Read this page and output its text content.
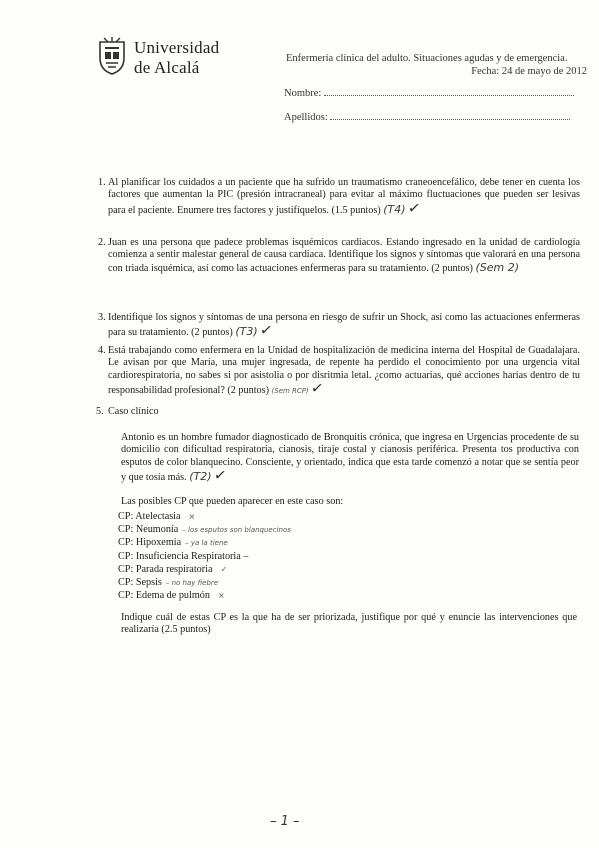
Universidad
de Alcalá	Enfermería clínica del adulto. Situaciones agudas y de emergencia.
Fecha: 24 de mayo de 2012
Nombre:
Apellidos:
1. Al planificar los cuidados a un paciente que ha sufrido un traumatismo craneoencefálico, debe tener en cuenta los factores que aumentan la PIC (presión intracraneal) para evitar al máximo fluctuaciones que pueden ser lesivas para el paciente. Enumere tres factores y justifíquelos. (1.5 puntos) (T4) ✓
2. Juan es una persona que padece problemas isquémicos cardiacos. Estando ingresado en la unidad de cardiología comienza a sentir malestar general de causa cardiaca. Identifique los signos y síntomas que valorará en una persona con triada isquémica, así como las actuaciones enfermeras para su tratamiento. (2 puntos) (Sem 2)
3. Identifique los signos y síntomas de una persona en riesgo de sufrir un Shock, así como las actuaciones enfermeras para su tratamiento. (2 puntos) (T3) ✓
4. Está trabajando como enfermera en la Unidad de hospitalización de medicina interna del Hospital de Guadalajara. Le avisan por que María, una mujer ingresada, de repente ha perdido el conocimiento por una urgencia vital cardiorespiratoria, no sabes si por asistolia o por disritmia letal. ¿como actuarías, qué acciones harías dentro de tu responsabilidad profesional? (2 puntos) (Sem RCP) ✓
5. Caso clínico
Antonio es un hombre fumador diagnosticado de Bronquitis crónica, que ingresa en Urgencias procedente de su domicilio con dificultad respiratoria, cianosis, tiraje costal y cianosis periférica. Presenta tos productiva con esputos de color blanquecino. Consciente, y orientado, indica que esta tarde comenzó a notar que se sentía peor y que tosía más. (T2) ✓
Las posibles CP que pueden aparecer en este caso son:
CP: Atelectasia ×
CP: Neumonía – los esputos son blanquecinos
CP: Hipoxemia – ya la tiene
CP: Insuficiencia Respiratoria –
CP: Parada respiratoria ✓
CP: Sepsis – no hay fiebre
CP: Edema de pulmón ×
Indique cuál de estas CP es la que ha de ser priorizada, justifique por qué y enuncie las intervenciones que realizaría (2.5 puntos)
– 1 –
